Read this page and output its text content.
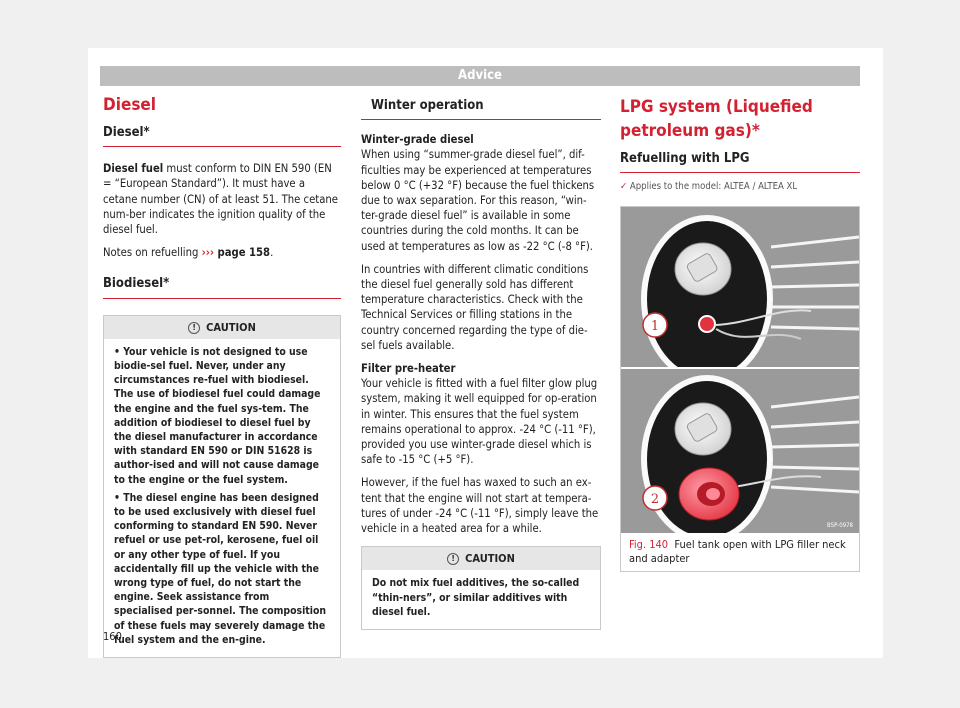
Advice
Diesel
Diesel*

Diesel fuel must conform to DIN EN 590 (EN = “European Standard”). It must have a cetane number (CN) of at least 51. The cetane num-ber indicates the ignition quality of the diesel fuel.

Notes on refuelling ››› page 158.

Biodiesel*
! CAUTION

• Your vehicle is not designed to use biodie-sel fuel. Never, under any circumstances re-fuel with biodiesel. The use of biodiesel fuel could damage the engine and the fuel sys-tem. The addition of biodiesel to diesel fuel by the diesel manufacturer in accordance with standard EN 590 or DIN 51628 is author-ised and will not cause damage to the engine or the fuel system.

• The diesel engine has been designed to be used exclusively with diesel fuel conforming to standard EN 590. Never refuel or use pet-rol, kerosene, fuel oil or any other type of fuel. If you accidentally fill up the vehicle with the wrong type of fuel, do not start the engine. Seek assistance from specialised per-sonnel. The composition of these fuels may severely damage the fuel system and the en-gine.

Winter operation

Winter-grade diesel

When using “summer-grade diesel fuel”, dif-ficulties may be experienced at temperatures below 0 °C (+32 °F) because the fuel thickens due to wax separation. For this reason, “win-ter-grade diesel fuel” is available in some countries during the cold months. It can be used at temperatures as low as -22 °C (-8 °F).

In countries with different climatic conditions the diesel fuel generally sold has different temperature characteristics. Check with the Technical Services or filling stations in the country concerned regarding the type of die-sel fuels available.

Filter pre-heater

Your vehicle is fitted with a fuel filter glow plug system, making it well equipped for op-eration in winter. This ensures that the fuel system remains operational to approx. -24 °C (-11 °F), provided you use winter-grade diesel which is safe to -15 °C (+5 °F).

However, if the fuel has waxed to such an ex-tent that the engine will not start at tempera-tures of under -24 °C (-11 °F), simply leave the vehicle in a heated area for a while.

! CAUTION

Do not mix fuel additives, the so-called “thin-ners”, or similar additives with diesel fuel.

LPG system (Liquefied petroleum gas)*
Refuelling with LPG
✓ Applies to the model: ALTEA / ALTEA XL
1
2
B5P-0978
Fig. 140 Fuel tank open with LPG filler neck and adapter
160
